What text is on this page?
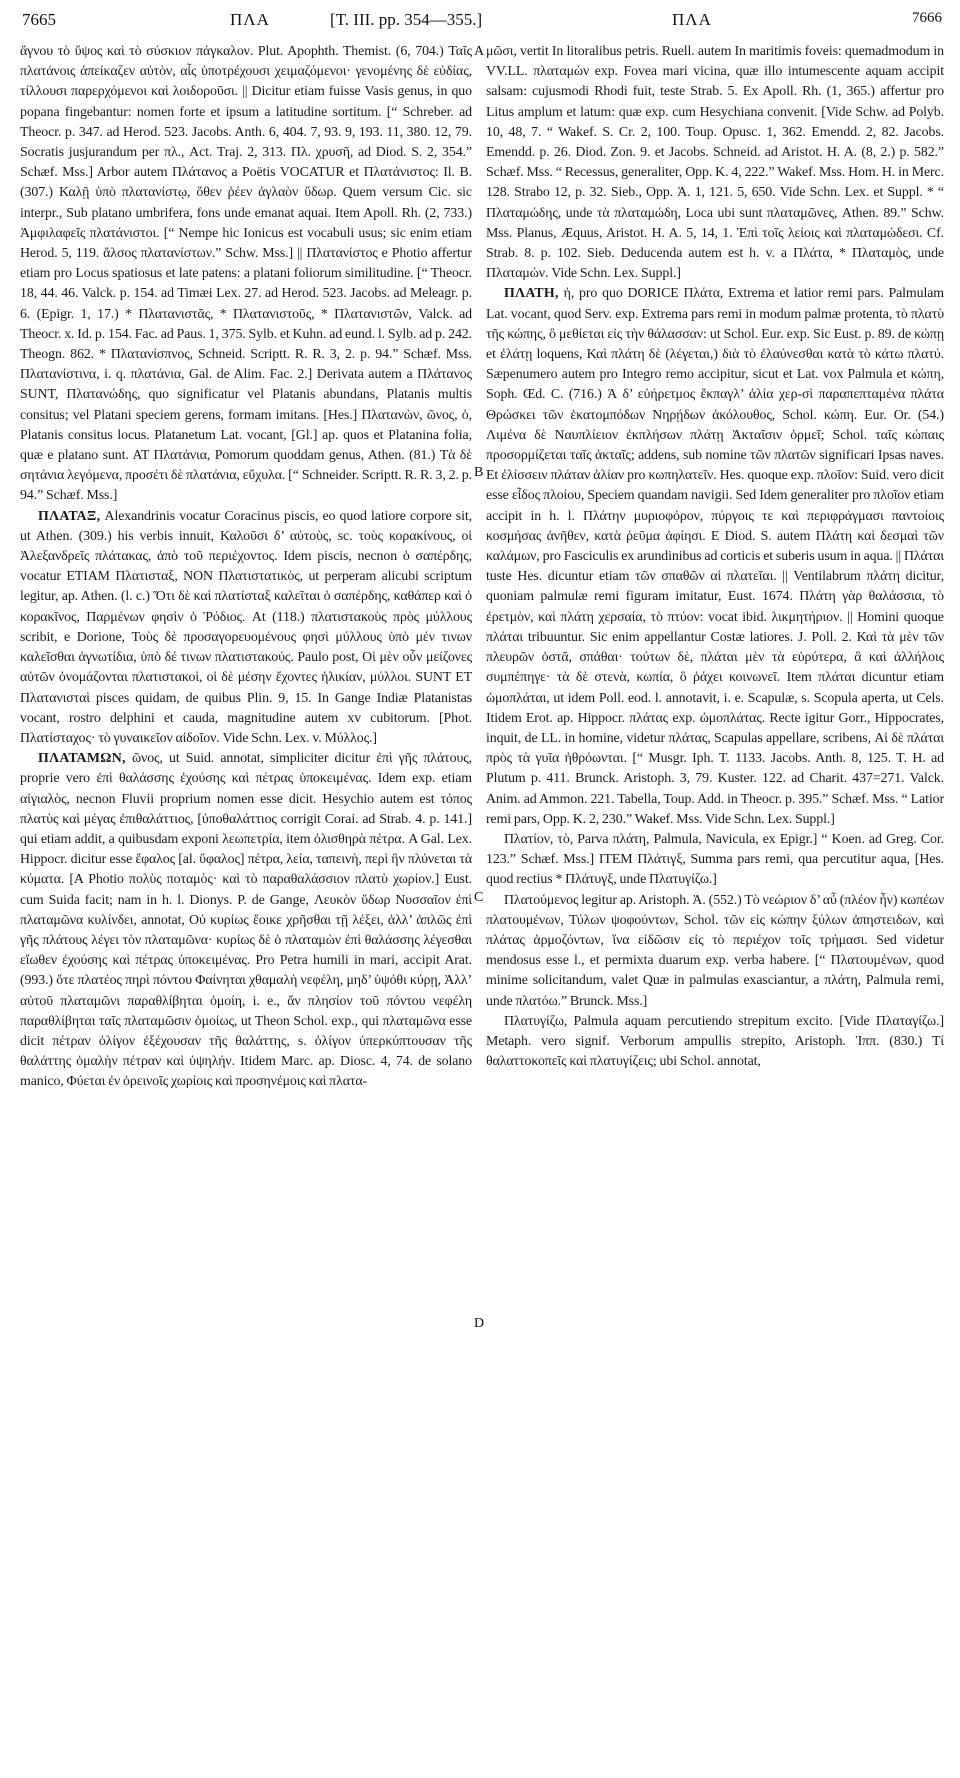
7665	ΠΛΑ	[T. III. pp. 354—355.]	ΠΛΑ	7666
A
B
C
D

ἄγνου τὸ ὕψος καὶ τὸ σύσκιον πάγκαλον. Plut. Apophth. Themist. (6, 704.) Ταῖς πλατάνοις ἀπείκαζεν αὐτὸν, αἷς ὑποτρέχουσι χειμαζόμενοι· γενομένης δὲ εὐδίας, τίλλουσι παρερχόμενοι καὶ λοιδοροῦσι. || Dicitur etiam fuisse Vasis genus, in quo popana fingebantur: nomen forte et ipsum a latitudine sortitum. [“ Schreber. ad Theocr. p. 347. ad Herod. 523. Jacobs. Anth. 6, 404. 7, 93. 9, 193. 11, 380. 12, 79. Socratis jusjurandum per πλ., Act. Traj. 2, 313. Πλ. χρυσῆ, ad Diod. S. 2, 354.” Schæf. Mss.] Arbor autem Πλάτανος a Poëtis VOCATUR et Πλατάνιστος: Il. B. (307.) Καλῇ ὑπὸ πλατανίστῳ, ὅθεν ῥέεν ἀγλαὸν ὕδωρ. Quem versum Cic. sic interpr., Sub platano umbrifera, fons unde emanat aquai. Item Apoll. Rh. (2, 733.) Ἀμφιλαφεῖς πλατάνιστοι. [“ Nempe hic Ionicus est vocabuli usus; sic enim etiam Herod. 5, 119. ἄλσος πλατανίστων.” Schw. Mss.] || Πλατανίστος e Photio affertur etiam pro Locus spatiosus et late patens: a platani foliorum similitudine. [“ Theocr. 18, 44. 46. Valck. p. 154. ad Timæi Lex. 27. ad Herod. 523. Jacobs. ad Meleagr. p. 6. (Epigr. 1, 17.) * Πλατανιστᾶς, * Πλατανιστοῦς, * Πλατανιστῶν, Valck. ad Theocr. x. Id. p. 154. Fac. ad Paus. 1, 375. Sylb. et Kuhn. ad eund. l. Sylb. ad p. 242. Theogn. 862. * Πλατανίσπνος, Schneid. Scriptt. R. R. 3, 2. p. 94.” Schæf. Mss. Πλατανίστινα, i. q. πλατάνια, Gal. de Alim. Fac. 2.] Derivata autem a Πλάτανος SUNT, Πλατανώδης, quo significatur vel Platanis abundans, Platanis multis consitus; vel Platani speciem gerens, formam imitans. [Hes.] Πλατανὼν, ῶνος, ὁ, Platanis consitus locus. Platanetum Lat. vocant, [Gl.] ap. quos et Platanina folia, quæ e platano sunt. AT Πλατάνια, Pomorum quoddam genus, Athen. (81.) Τὰ δὲ σητάνια λεγόμενα, προσέτι δὲ πλατάνια, εὔχυλα. [“ Schneider. Scriptt. R. R. 3, 2. p. 94.” Schæf. Mss.]

ΠΛΑΤΑΞ, Alexandrinis vocatur Coracinus piscis, eo quod latiore corpore sit, ut Athen. (309.) his verbis innuit, Καλοῦσι δ’ αὐτοὺς, sc. τοὺς κορακίνους, οἱ Ἀλεξανδρεῖς πλάτακας, ἀπὸ τοῦ περιέχοντος. Idem piscis, necnon ὁ σαπέρδης, vocatur ETIAM Πλατισταξ, NON Πλατιστατικὸς, ut perperam alicubi scriptum legitur, ap. Athen. (l. c.) Ὅτι δὲ καὶ πλατίσταξ καλεῖται ὁ σαπέρδης, καθάπερ καὶ ὁ κορακῖνος, Παρμένων φησὶν ὁ Ῥόδιος. At (118.) πλατιστακοὺς πρὸς μύλλους scribit, e Dorione, Τοὺς δὲ προσαγορευομένους φησὶ μύλλους ὑπὸ μέν τινων καλεῖσθαι ἀγνωτίδια, ὑπὸ δέ τινων πλατιστακούς. Paulo post, Οἱ μὲν οὖν μείζονες αὐτῶν ὀνομάζονται πλατιστακοὶ, οἱ δὲ μέσην ἔχοντες ἡλικίαν, μύλλοι. SUNT ET Πλατανισταὶ pisces quidam, de quibus Plin. 9, 15. In Gange Indiæ Platanistas vocant, rostro delphini et cauda, magnitudine autem xv cubitorum. [Phot. Πλατίσταχος· τὸ γυναικεῖον αἰδοῖον. Vide Schn. Lex. v. Μύλλος.]

ΠΛΑΤΑΜΩΝ, ῶνος, ut Suid. annotat, simpliciter dicitur ἐπὶ γῆς πλάτους, proprie vero ἐπὶ θαλάσσης ἐχούσης καὶ πέτρας ὑποκειμένας. Idem exp. etiam αἰγιαλὸς, necnon Fluvii proprium nomen esse dicit. Hesychio autem est τόπος πλατὺς καὶ μέγας ἐπιθαλάττιος, [ὑποθαλάττιος corrigit Corai. ad Strab. 4. p. 141.] qui etiam addit, a quibusdam exponi λεωπετρία, item ὀλισθηρὰ πέτρα. A Gal. Lex. Hippocr. dicitur esse ἔφαλος [al. ὕφαλος] πέτρα, λεία, ταπεινὴ, περὶ ἣν πλύνεται τὰ κύματα. [A Photio πολὺς ποταμὸς· καὶ τὸ παραθαλάσσιον πλατὺ χωρίον.] Eust. cum Suida facit; nam in h. l. Dionys. P. de Gange, Λευκὸν ὕδωρ Νυσσαῖον ἐπὶ πλαταμῶνα κυλίνδει, annotat, Οὐ κυρίως ἔοικε χρῆσθαι τῇ λέξει, ἀλλ’ ἁπλῶς ἐπὶ γῆς πλάτους λέγει τὸν πλαταμῶνα· κυρίως δὲ ὁ πλαταμὼν ἐπὶ θαλάσσης λέγεσθαι εἴωθεν ἐχούσης καὶ πέτρας ὑποκειμένας. Pro Petra humili in mari, accipit Arat. (993.) ὅτε πλατέος πηρὶ πόντου Φαίνηται χθαμαλὴ νεφέλη, μηδ’ ὑψόθι κύρῃ, Ἀλλ’ αὐτοῦ πλαταμῶνι παραθλίβηται ὁμοίη, i. e., ἄν πλησίον τοῦ πόντου νεφέλη παραθλίβηται ταῖς πλαταμῶσιν ὁμοίως, ut Theon Schol. exp., qui πλαταμῶνα esse dicit πέτραν ὀλίγον ἐξέχουσαν τῆς θαλάττης, s. ὀλίγον ὑπερκύπτουσαν τῆς θαλάττης ὁμαλὴν πέτραν καὶ ὑψηλήν. Itidem Marc. ap. Diosc. 4, 74. de solano manico, Φύεται ἐν ὀρεινοῖς χωρίοις καὶ προσηνέμοις καὶ πλατα-

μῶσι, vertit In litoralibus petris. Ruell. autem In maritimis foveis: quemadmodum in VV.LL. πλαταμὼν exp. Fovea mari vicina, quæ illo intumescente aquam accipit salsam: cujusmodi Rhodi fuit, teste Strab. 5. Ex Apoll. Rh. (1, 365.) affertur pro Litus amplum et latum: quæ exp. cum Hesychiana convenit. [Vide Schw. ad Polyb. 10, 48, 7. “ Wakef. S. Cr. 2, 100. Toup. Opusc. 1, 362. Emendd. 2, 82. Jacobs. Emendd. p. 26. Diod. Zon. 9. et Jacobs. Schneid. ad Aristot. H. A. (8, 2.) p. 582.” Schæf. Mss. “ Recessus, generaliter, Opp. K. 4, 222.” Wakef. Mss. Hom. H. in Merc. 128. Strabo 12, p. 32. Sieb., Opp. Ἁ. 1, 121. 5, 650. Vide Schn. Lex. et Suppl. * “ Πλαταμώδης, unde τὰ πλαταμώδη, Loca ubi sunt πλαταμῶνες, Athen. 89.” Schw. Mss. Planus, Æquus, Aristot. H. A. 5, 14, 1. Ἐπὶ τοῖς λείοις καὶ πλαταμώδεσι. Cf. Strab. 8. p. 102. Sieb. Deducenda autem est h. v. a Πλάτα, * Πλαταμὸς, unde Πλαταμών. Vide Schn. Lex. Suppl.]

ΠΛΑΤΗ, ἡ, pro quo DORICE Πλάτα, Extrema et latior remi pars. Palmulam Lat. vocant, quod Serv. exp. Extrema pars remi in modum palmæ protenta, τὸ πλατὺ τῆς κώπης, ὃ μεθίεται εἰς τὴν θάλασσαν: ut Schol. Eur. exp. Sic Eust. p. 89. de κώπῃ et ἐλάτῃ loquens, Καὶ πλάτη δὲ (λέγεται,) διὰ τὸ ἐλαύνεσθαι κατὰ τὸ κάτω πλατύ. Sæpenumero autem pro Integro remo accipitur, sicut et Lat. vox Palmula et κώπη, Soph. Œd. C. (716.) Ἁ δ’ εὐήρετμος ἔκπαγλ’ ἁλία χερ-σὶ παραπεπταμένα πλάτα Θρώσκει τῶν ἑκατομπόδων Νηρῄδων ἀκόλουθος, Schol. κώπη. Eur. Or. (54.) Λιμένα δὲ Ναυπλίειον ἐκπλήσων πλάτῃ Ἀκταῖσιν ὁρμεῖ; Schol. ταῖς κώπαις προσορμίζεται ταῖς ἀκταῖς; addens, sub nomine τῶν πλατῶν significari Ipsas naves. Et ἐλίσσειν πλάταν ἁλίαν pro κωπηλατεῖν. Hes. quoque exp. πλοῖον: Suid. vero dicit esse εἶδος πλοίου, Speciem quandam navigii. Sed Idem generaliter pro πλοῖον etiam accipit in h. l. Πλάτην μυριοφόρον, πύργοις τε καὶ περιφράγμασι παντοίοις κοσμήσας ἀνῆθεν, κατὰ ῥεῦμα ἀφίησι. E Diod. S. autem Πλάτη καὶ δεσμαὶ τῶν καλάμων, pro Fasciculis ex arundinibus ad corticis et suberis usum in aqua. || Πλάται tuste Hes. dicuntur etiam τῶν σπαθῶν αἱ πλατεῖαι. || Ventilabrum πλάτη dicitur, quoniam palmulæ remi figuram imitatur, Eust. 1674. Πλάτη γὰρ θαλάσσια, τὸ ἐρετμὸν, καὶ πλάτη χερσαία, τὸ πτύον: vocat ibid. λικμητήριον. || Homini quoque πλάται tribuuntur. Sic enim appellantur Costæ latiores. J. Poll. 2. Καὶ τὰ μὲν τῶν πλευρῶν ὀστᾶ, σπάθαι· τούτων δὲ, πλάται μὲν τὰ εὐρύτερα, ἃ καὶ ἀλλήλοις συμπέπηγε· τὰ δὲ στενὰ, κωπία, ὃ ῥάχει κοινωνεῖ. Item πλάται dicuntur etiam ὠμοπλάται, ut idem Poll. eod. l. annotavit, i. e. Scapulæ, s. Scopula aperta, ut Cels. Itidem Erot. ap. Hippocr. πλάτας exp. ὠμοπλάτας. Recte igitur Gorr., Hippocrates, inquit, de LL. in homine, videtur πλάτας, Scapulas appellare, scribens, Αἱ δὲ πλάται πρὸς τὰ γυῖα ἠθρόωνται. [“ Musgr. Iph. T. 1133. Jacobs. Anth. 8, 125. T. H. ad Plutum p. 411. Brunck. Aristoph. 3, 79. Kuster. 122. ad Charit. 437=271. Valck. Anim. ad Ammon. 221. Tabella, Toup. Add. in Theocr. p. 395.” Schæf. Mss. “ Latior remi pars, Opp. K. 2, 230.” Wakef. Mss. Vide Schn. Lex. Suppl.]

Πλατίον, τὸ, Parva πλάτη, Palmula, Navicula, ex Epigr.] “ Koen. ad Greg. Cor. 123.” Schæf. Mss.] ITEM Πλάτιγξ, Summa pars remi, qua percutitur aqua, [Hes. quod rectius * Πλάτυγξ, unde Πλατυγίζω.]

Πλατούμενος legitur ap. Aristoph. Ἀ. (552.) Τὸ νεώριον δ’ αὖ (πλέον ἦν) κωπέων πλατουμένων, Τύλων ψοφούντων, Schol. τῶν εἰς κώπην ξύλων ἀπηστειδων, καὶ πλάτας ἁρμοζόντων, ἵνα εἰδῶσιν εἰς τὸ περιέχον τοῖς τρήμασι. Sed videtur mendosus esse l., et permixta duarum exp. verba habere. [“ Πλατουμένων, quod minime solicitandum, valet Quæ in palmulas exasciantur, a πλάτη, Palmula remi, unde πλατόω.” Brunck. Mss.]

Πλατυγίζω, Palmula aquam percutiendo strepitum excito. [Vide Πλαταγίζω.] Metaph. vero signif. Verborum ampullis strepito, Aristoph. Ἱππ. (830.) Τί θαλαττοκοπεῖς καὶ πλατυγίζεις; ubi Schol. annotat,
